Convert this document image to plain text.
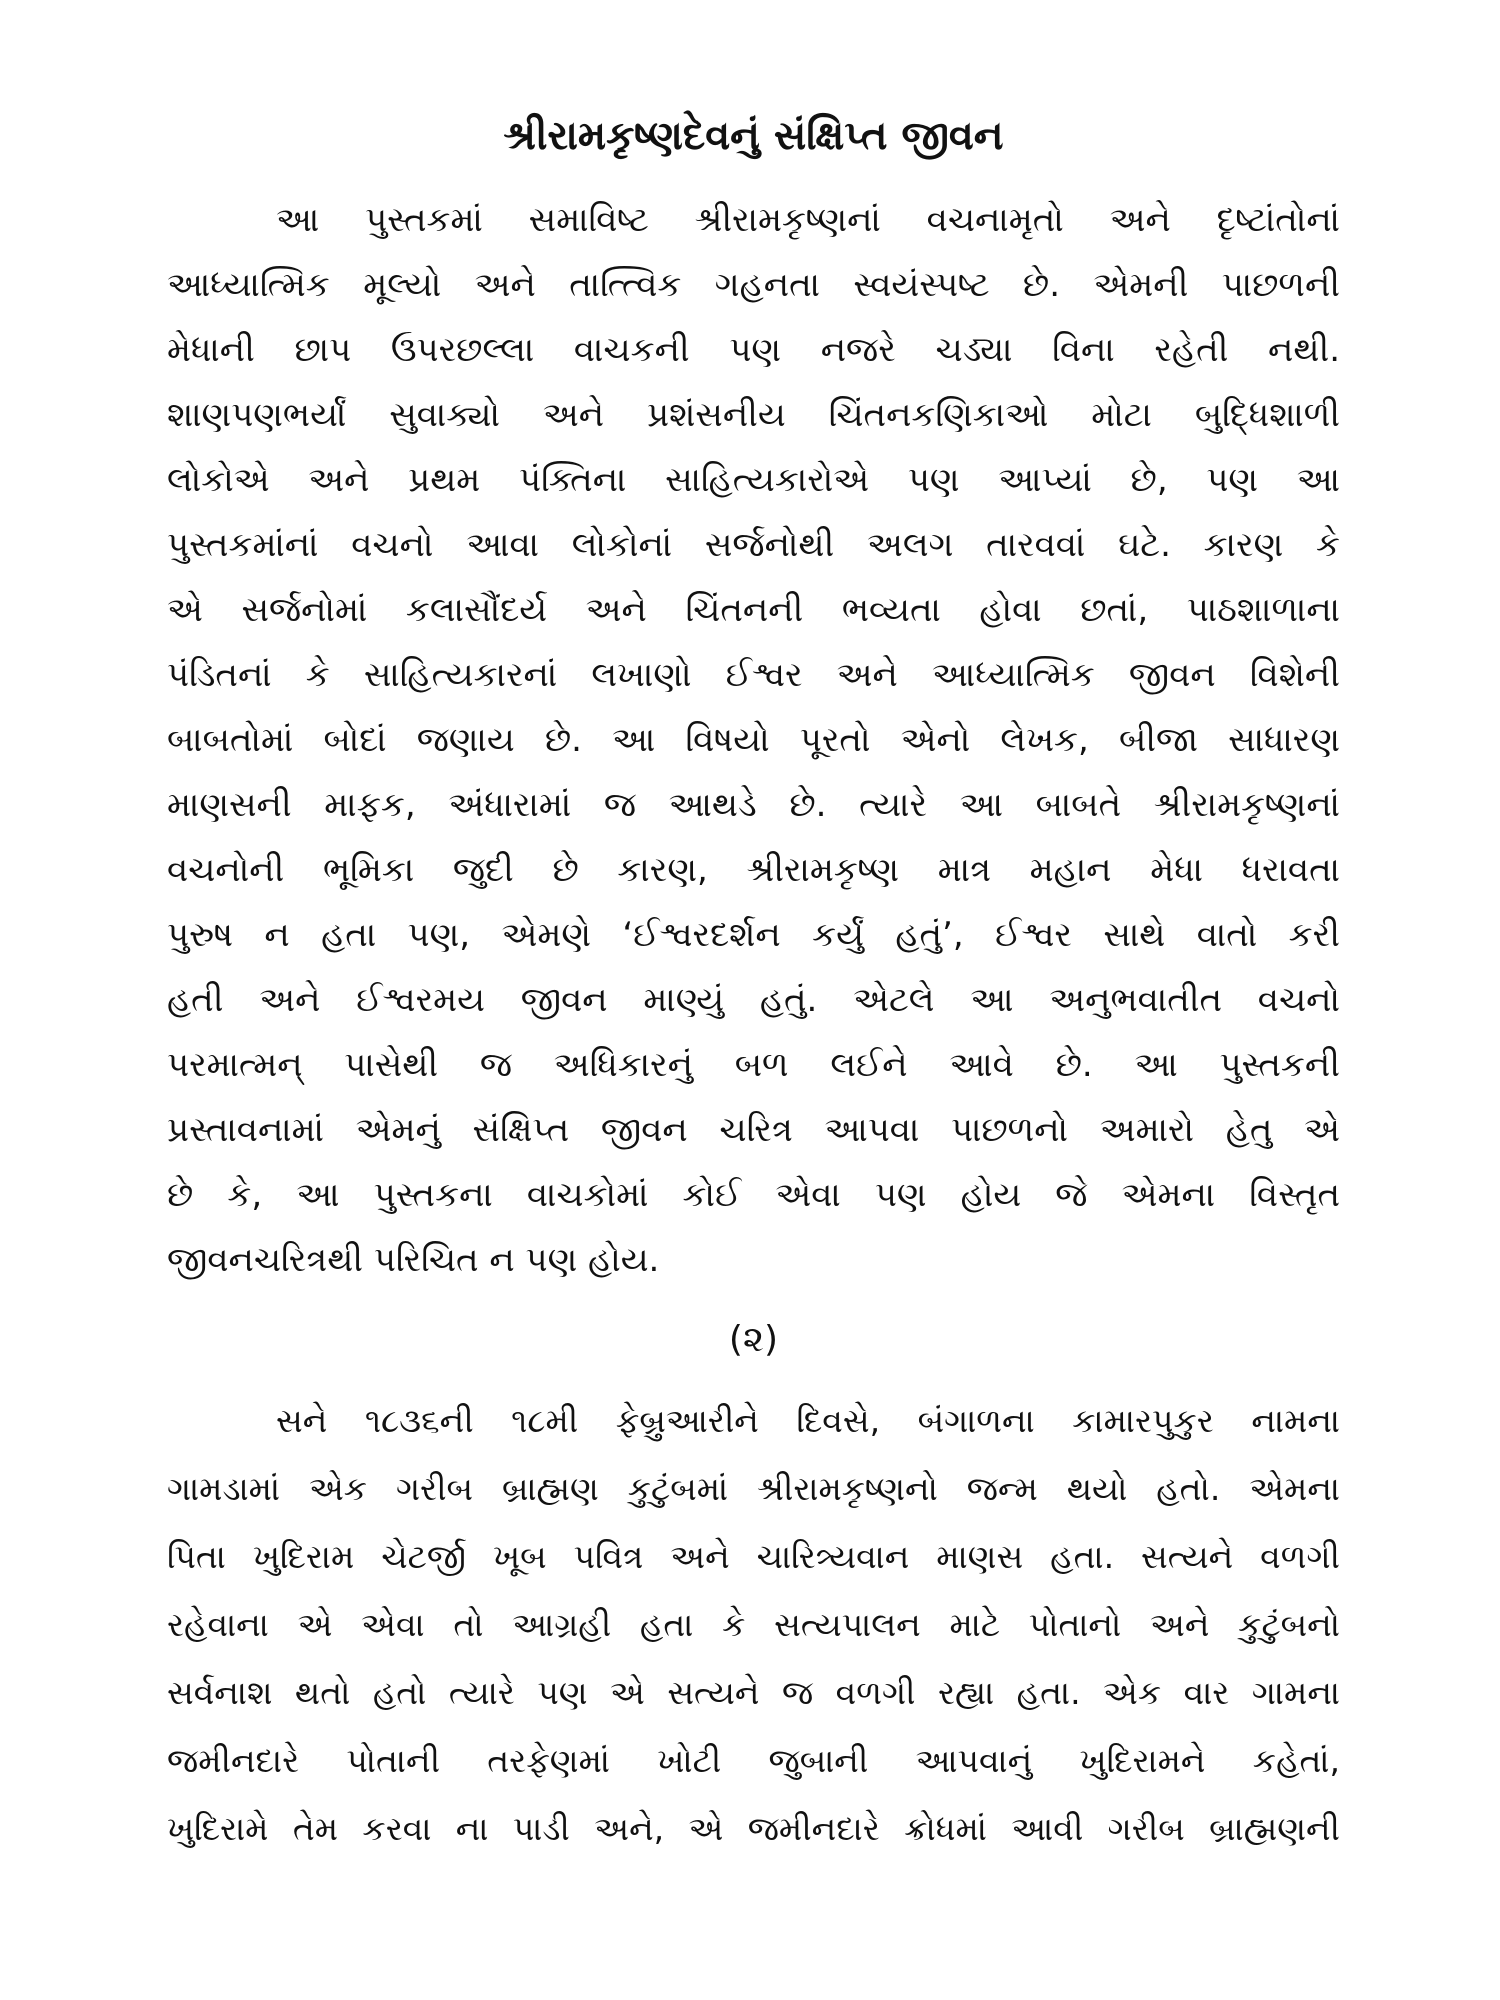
શ્રીરામકૃષ્ણદેવનું સંક્ષિપ્ત જીવન
આ પુસ્તકમાં સમાવિષ્ટ શ્રીરામકૃષ્ણનાં વચનામૃતો અને દૃષ્ટાંતોનાં
આધ્યાત્મિક મૂલ્યો અને તાત્ત્વિક ગહનતા સ્વયંસ્પષ્ટ છે. એમની પાછળની
મેધાની છાપ ઉપરછલ્લા વાચકની પણ નજરે ચડ્યા વિના રહેતી નથી.
શાણપણભર્યાં સુવાક્યો અને પ્રશંસનીય ચિંતનકણિકાઓ મોટા બુદ્ધિશાળી
લોકોએ અને પ્રથમ પંક્તિના સાહિત્યકારોએ પણ આપ્યાં છે, પણ આ
પુસ્તકમાંનાં વચનો આવા લોકોનાં સર્જનોથી અલગ તારવવાં ઘટે. કારણ કે
એ સર્જનોમાં કલાસૌંદર્ય અને ચિંતનની ભવ્યતા હોવા છતાં, પાઠશાળાના
પંડિતનાં કે સાહિત્યકારનાં લખાણો ઈશ્વર અને આધ્યાત્મિક જીવન વિશેની
બાબતોમાં બોદાં જણાય છે. આ વિષયો પૂરતો એનો લેખક, બીજા સાધારણ
માણસની માફક, અંધારામાં જ આથડે છે. ત્યારે આ બાબતે શ્રીરામકૃષ્ણનાં
વચનોની ભૂમિકા જુદી છે કારણ, શ્રીરામકૃષ્ણ માત્ર મહાન મેધા ધરાવતા
પુરુષ ન હતા પણ, એમણે ‘ઈશ્વરદર્શન કર્યું હતું’, ઈશ્વર સાથે વાતો કરી
હતી અને ઈશ્વરમય જીવન માણ્યું હતું. એટલે આ અનુભવાતીત વચનો
પરમાત્મન્ પાસેથી જ અધિકારનું બળ લઈને આવે છે. આ પુસ્તકની
પ્રસ્તાવનામાં એમનું સંક્ષિપ્ત જીવન ચરિત્ર આપવા પાછળનો અમારો હેતુ એ
છે કે, આ પુસ્તકના વાચકોમાં કોઈ એવા પણ હોય જે એમના વિસ્તૃત
જીવનચરિત્રથી પરિચિત ન પણ હોય.
(૨)
સને ૧૮૩૬ની ૧૮મી ફેબ્રુઆરીને દિવસે, બંગાળના કામારપુકુર નામના
ગામડામાં એક ગરીબ બ્રાહ્મણ કુટુંબમાં શ્રીરામકૃષ્ણનો જન્મ થયો હતો. એમના
પિતા ખુદિરામ ચેટર્જી ખૂબ પવિત્ર અને ચારિત્ર્યવાન માણસ હતા. સત્યને વળગી
રહેવાના એ એવા તો આગ્રહી હતા કે સત્યપાલન માટે પોતાનો અને કુટુંબનો
સર્વનાશ થતો હતો ત્યારે પણ એ સત્યને જ વળગી રહ્યા હતા. એક વાર ગામના
જમીનદારે પોતાની તરફેણમાં ખોટી જુબાની આપવાનું ખુદિરામને કહેતાં,
ખુદિરામે તેમ કરવા ના પાડી અને, એ જમીનદારે ક્રોધમાં આવી ગરીબ બ્રાહ્મણની
